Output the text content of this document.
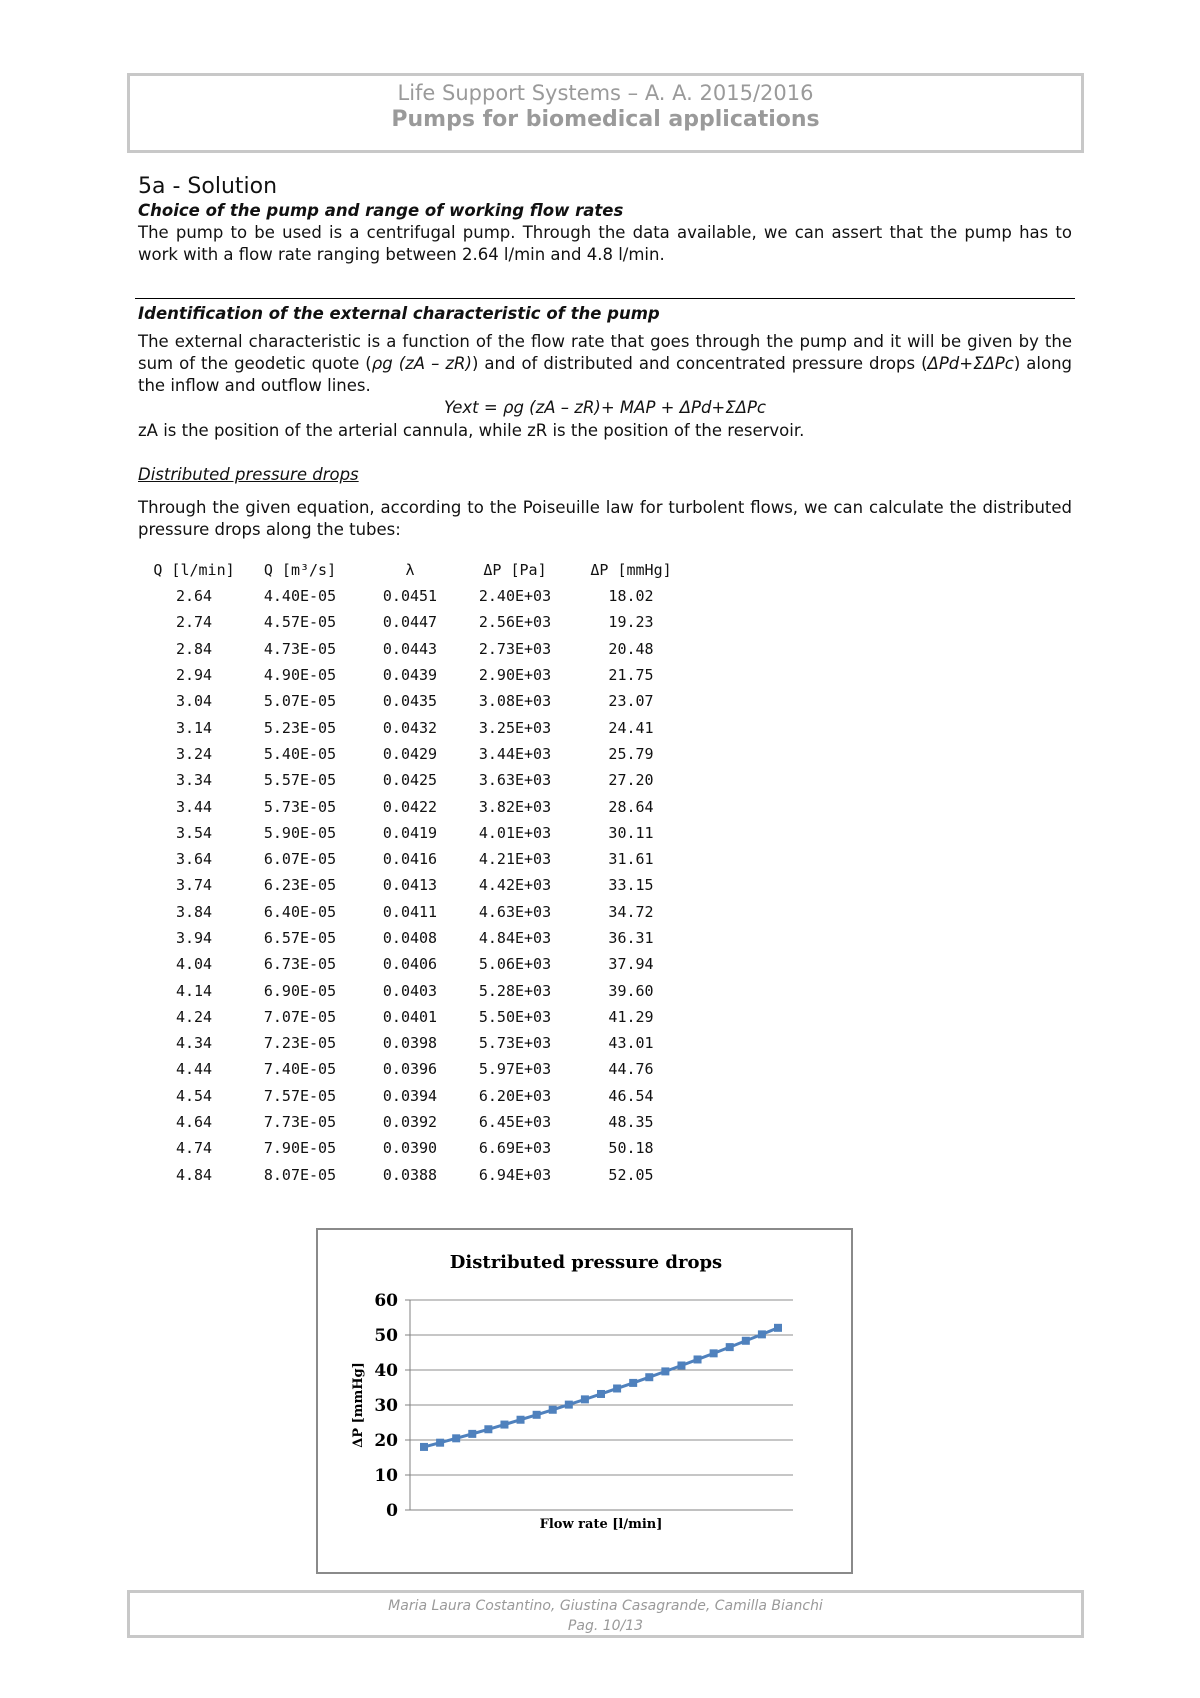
Life Support Systems – A. A. 2015/2016
Pumps for biomedical applications
5a - Solution
Choice of the pump and range of working flow rates
The pump to be used is a centrifugal pump. Through the data available, we can assert that the pump has to work with a flow rate ranging between 2.64 l/min and 4.8 l/min.
Identification of the external characteristic of the pump
The external characteristic is a function of the flow rate that goes through the pump and it will be given by the sum of the geodetic quote (ρg (zA – zR)) and of distributed and concentrated pressure drops (ΔPd+ΣΔPc) along the inflow and outflow lines.
Yext = ρg (zA – zR)+ MAP + ΔPd+ΣΔPc
zA is the position of the arterial cannula, while zR is the position of the reservoir.
Distributed pressure drops
Through the given equation, according to the Poiseuille law for turbolent flows, we can calculate the distributed pressure drops along the tubes:
Q [l/min]	Q [m³/s]	λ	ΔP [Pa]	ΔP [mmHg]
2.64	4.40E-05	0.0451	2.40E+03	18.02
2.74	4.57E-05	0.0447	2.56E+03	19.23
2.84	4.73E-05	0.0443	2.73E+03	20.48
2.94	4.90E-05	0.0439	2.90E+03	21.75
3.04	5.07E-05	0.0435	3.08E+03	23.07
3.14	5.23E-05	0.0432	3.25E+03	24.41
3.24	5.40E-05	0.0429	3.44E+03	25.79
3.34	5.57E-05	0.0425	3.63E+03	27.20
3.44	5.73E-05	0.0422	3.82E+03	28.64
3.54	5.90E-05	0.0419	4.01E+03	30.11
3.64	6.07E-05	0.0416	4.21E+03	31.61
3.74	6.23E-05	0.0413	4.42E+03	33.15
3.84	6.40E-05	0.0411	4.63E+03	34.72
3.94	6.57E-05	0.0408	4.84E+03	36.31
4.04	6.73E-05	0.0406	5.06E+03	37.94
4.14	6.90E-05	0.0403	5.28E+03	39.60
4.24	7.07E-05	0.0401	5.50E+03	41.29
4.34	7.23E-05	0.0398	5.73E+03	43.01
4.44	7.40E-05	0.0396	5.97E+03	44.76
4.54	7.57E-05	0.0394	6.20E+03	46.54
4.64	7.73E-05	0.0392	6.45E+03	48.35
4.74	7.90E-05	0.0390	6.69E+03	50.18
4.84	8.07E-05	0.0388	6.94E+03	52.05
Distributed pressure drops
0
10
20
30
40
50
60
Flow rate [l/min]
ΔP [mmHg]
Maria Laura Costantino, Giustina Casagrande, Camilla Bianchi
Pag. 10/13
